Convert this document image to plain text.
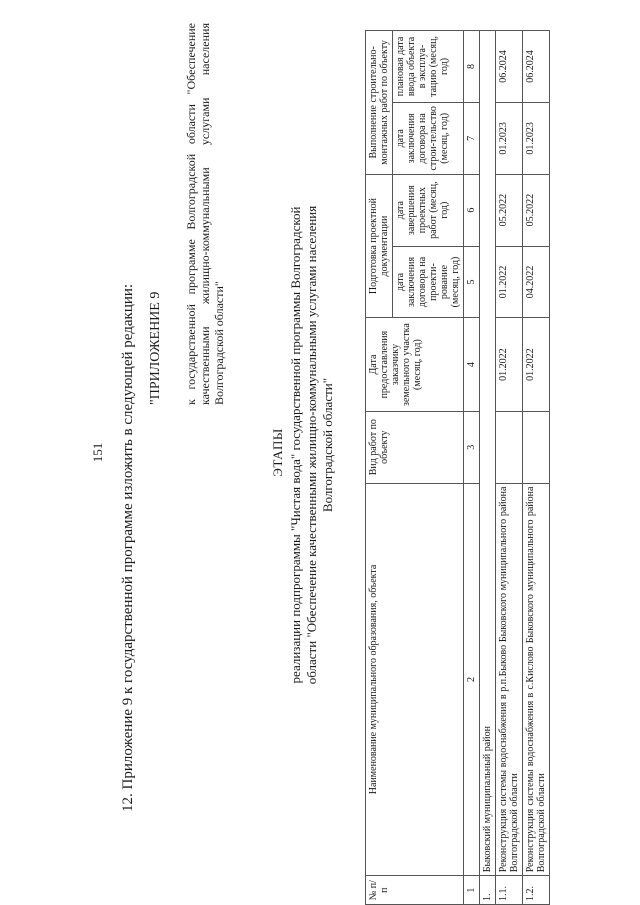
151 12. Приложение 9 к государственной программе изложить в следующей редакции: "ПРИЛОЖЕНИЕ 9 к государственной программе Волгоградской области "Обеспечение качественными жилищно-коммунальными услугами населения Волгоградской области"
ЭТАПЫ реализации подпрограммы "Чистая вода" государственной программы Волгоградской области "Обеспечение качественными жилищно-коммунальными услугами населения Волгоградской области"
№ п/п	Наименование муниципального образования, объекта	Вид работ по объекту	Дата предоставления заказчику земельного участка (месяц, год)	Подготовка проектной документации		Выполнение строительно-монтажных работ по объекту	
				дата заключения договора на проекти-рование (месяц, год)	дата завершения проектных работ (месяц, год)	дата заключения договора на строи-тельство (месяц, год)	плановая дата ввода объекта в эксплуа-тацию (месяц, год)
1	2	3	4	5	6	7	8
1.	Быковский муниципальный район						
1.1.	Реконструкция системы водоснабжения в р.п.Быково Быковского муниципального района Волгоградской области		01.2022	01.2022	05.2022	01.2023	06.2024
1.2.	Реконструкция системы водоснабжения в с.Кислово Быковского муниципального района Волгоградской области		01.2022	04.2022	05.2022	01.2023	06.2024
